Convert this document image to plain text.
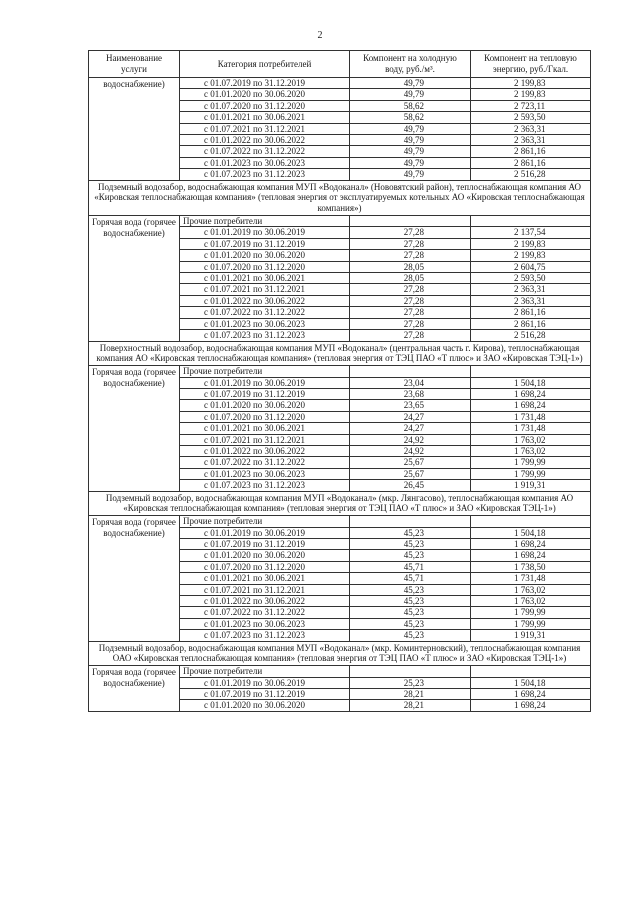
2
Наименование услуги	Категория потребителей	Компонент на холодную воду, руб./м³.	Компонент на тепловую энергию, руб./Гкал.
водоснабжение)	с 01.07.2019 по 31.12.2019	49,79	2 199,83
	с 01.01.2020 по 30.06.2020	49,79	2 199,83
	с 01.07.2020 по 31.12.2020	58,62	2 723,11
	с 01.01.2021 по 30.06.2021	58,62	2 593,50
	с 01.07.2021 по 31.12.2021	49,79	2 363,31
	с 01.01.2022 по 30.06.2022	49,79	2 363,31
	с 01.07.2022 по 31.12.2022	49,79	2 861,16
	с 01.01.2023 по 30.06.2023	49,79	2 861,16
	с 01.07.2023 по 31.12.2023	49,79	2 516,28
Подземный водозабор, водоснабжающая компания МУП «Водоканал» (Нововятский район), теплоснабжающая компания АО «Кировская теплоснабжающая компания» (тепловая энергия от эксплуатируемых котельных АО «Кировская теплоснабжающая компания»)			
Горячая вода (горячее водоснабжение)	Прочие потребители		
	с 01.01.2019 по 30.06.2019	27,28	2 137,54
	с 01.07.2019 по 31.12.2019	27,28	2 199,83
	с 01.01.2020 по 30.06.2020	27,28	2 199,83
	с 01.07.2020 по 31.12.2020	28,05	2 604,75
	с 01.01.2021 по 30.06.2021	28,05	2 593,50
	с 01.07.2021 по 31.12.2021	27,28	2 363,31
	с 01.01.2022 по 30.06.2022	27,28	2 363,31
	с 01.07.2022 по 31.12.2022	27,28	2 861,16
	с 01.01.2023 по 30.06.2023	27,28	2 861,16
	с 01.07.2023 по 31.12.2023	27,28	2 516,28
Поверхностный водозабор, водоснабжающая компания МУП «Водоканал» (центральная часть г. Кирова), теплоснабжающая компания АО «Кировская теплоснабжающая компания» (тепловая энергия от ТЭЦ ПАО «Т плюс» и ЗАО «Кировская ТЭЦ-1»)			
Горячая вода (горячее водоснабжение)	Прочие потребители		
	с 01.01.2019 по 30.06.2019	23,04	1 504,18
	с 01.07.2019 по 31.12.2019	23,68	1 698,24
	с 01.01.2020 по 30.06.2020	23,65	1 698,24
	с 01.07.2020 по 31.12.2020	24,27	1 731,48
	с 01.01.2021 по 30.06.2021	24,27	1 731,48
	с 01.07.2021 по 31.12.2021	24,92	1 763,02
	с 01.01.2022 по 30.06.2022	24,92	1 763,02
	с 01.07.2022 по 31.12.2022	25,67	1 799,99
	с 01.01.2023 по 30.06.2023	25,67	1 799,99
	с 01.07.2023 по 31.12.2023	26,45	1 919,31
Подземный водозабор, водоснабжающая компания МУП «Водоканал» (мкр. Лянгасово), теплоснабжающая компания АО «Кировская теплоснабжающая компания» (тепловая энергия от ТЭЦ ПАО «Т плюс» и ЗАО «Кировская ТЭЦ-1»)			
Горячая вода (горячее водоснабжение)	Прочие потребители		
	с 01.01.2019 по 30.06.2019	45,23	1 504,18
	с 01.07.2019 по 31.12.2019	45,23	1 698,24
	с 01.01.2020 по 30.06.2020	45,23	1 698,24
	с 01.07.2020 по 31.12.2020	45,71	1 738,50
	с 01.01.2021 по 30.06.2021	45,71	1 731,48
	с 01.07.2021 по 31.12.2021	45,23	1 763,02
	с 01.01.2022 по 30.06.2022	45,23	1 763,02
	с 01.07.2022 по 31.12.2022	45,23	1 799,99
	с 01.01.2023 по 30.06.2023	45,23	1 799,99
	с 01.07.2023 по 31.12.2023	45,23	1 919,31
Подземный водозабор, водоснабжающая компания МУП «Водоканал» (мкр. Коминтерновский), теплоснабжающая компания ОАО «Кировская теплоснабжающая компания» (тепловая энергия от ТЭЦ ПАО «Т плюс» и ЗАО «Кировская ТЭЦ-1»)			
Горячая вода (горячее водоснабжение)	Прочие потребители		
	с 01.01.2019 по 30.06.2019	25,23	1 504,18
	с 01.07.2019 по 31.12.2019	28,21	1 698,24
	с 01.01.2020 по 30.06.2020	28,21	1 698,24
